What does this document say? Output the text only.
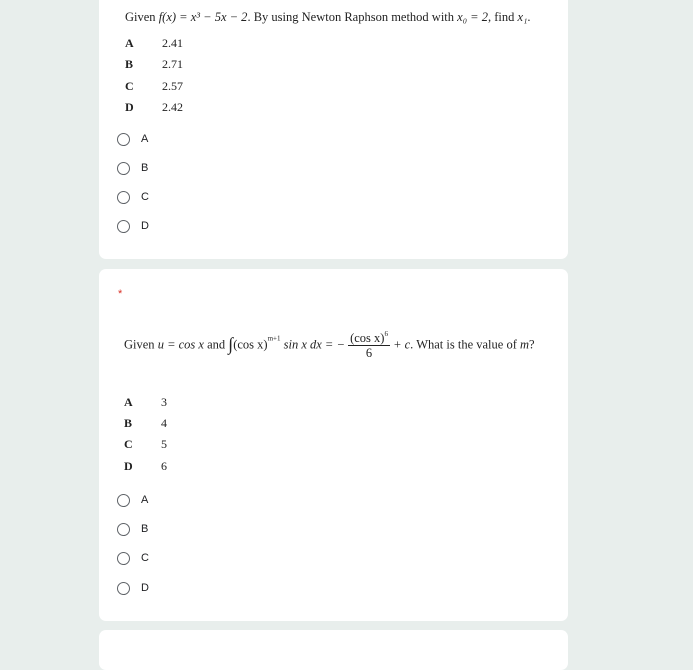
Given f(x) = x³ − 5x − 2. By using Newton Raphson method with x₀ = 2, find x₁.
A 2.41
B 2.71
C 2.57
D 2.42
A
B
C
D
*
Given u = cos x and ∫(cos x)$^{m+1}$ sin x dx = − $\frac{(\cos x)^6}{6} + c$. What is the value of m?
A 3
B 4
C 5
D 6
A
B
C
D
